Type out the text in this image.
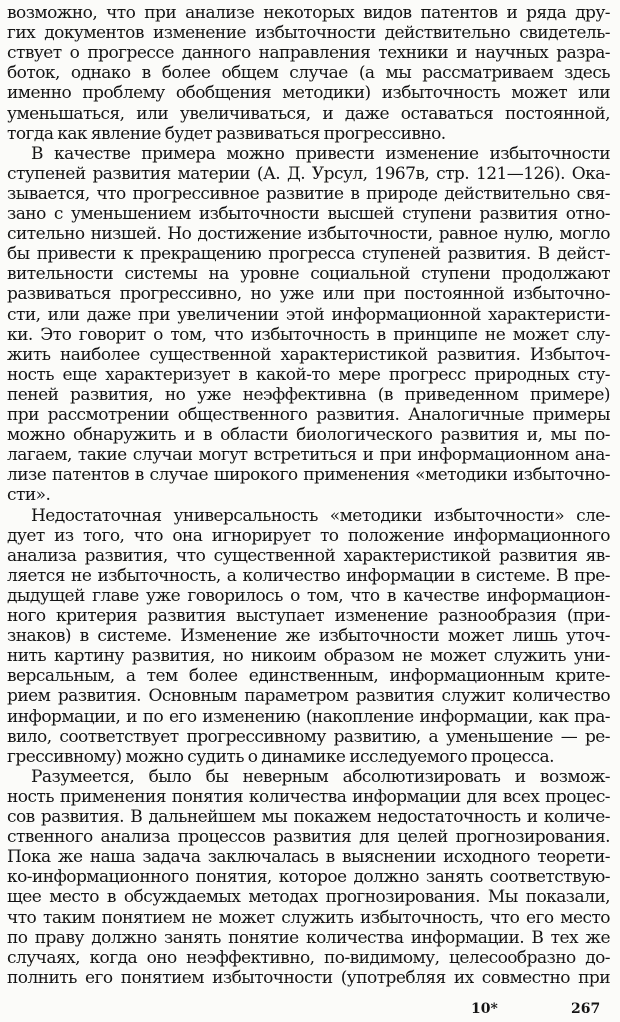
возможно, что при анализе некоторых видов патентов и ряда дру-
гих документов изменение избыточности действительно свидетель-
ствует о прогрессе данного направления техники и научных разра-
боток, однако в более общем случае (а мы рассматриваем здесь
именно проблему обобщения методики) избыточность может или
уменьшаться, или увеличиваться, и даже оставаться постоянной,
тогда как явление будет развиваться прогрессивно.
В качестве примера можно привести изменение избыточности
ступеней развития материи (А. Д. Урсул, 1967в, стр. 121—126). Ока-
зывается, что прогрессивное развитие в природе действительно свя-
зано с уменьшением избыточности высшей ступени развития отно-
сительно низшей. Но достижение избыточности, равное нулю, могло
бы привести к прекращению прогресса ступеней развития. В дейст-
вительности системы на уровне социальной ступени продолжают
развиваться прогрессивно, но уже или при постоянной избыточно-
сти, или даже при увеличении этой информационной характеристи-
ки. Это говорит о том, что избыточность в принципе не может слу-
жить наиболее существенной характеристикой развития. Избыточ-
ность еще характеризует в какой-то мере прогресс природных сту-
пеней развития, но уже неэффективна (в приведенном примере)
при рассмотрении общественного развития. Аналогичные примеры
можно обнаружить и в области биологического развития и, мы по-
лагаем, такие случаи могут встретиться и при информационном ана-
лизе патентов в случае широкого применения «методики избыточно-
сти».
Недостаточная универсальность «методики избыточности» сле-
дует из того, что она игнорирует то положение информационного
анализа развития, что существенной характеристикой развития яв-
ляется не избыточность, а количество информации в системе. В пре-
дыдущей главе уже говорилось о том, что в качестве информацион-
ного критерия развития выступает изменение разнообразия (при-
знаков) в системе. Изменение же избыточности может лишь уточ-
нить картину развития, но никоим образом не может служить уни-
версальным, а тем более единственным, информационным крите-
рием развития. Основным параметром развития служит количество
информации, и по его изменению (накопление информации, как пра-
вило, соответствует прогрессивному развитию, а уменьшение — ре-
грессивному) можно судить о динамике исследуемого процесса.
Разумеется, было бы неверным абсолютизировать и возмож-
ность применения понятия количества информации для всех процес-
сов развития. В дальнейшем мы покажем недостаточность и количе-
ственного анализа процессов развития для целей прогнозирования.
Пока же наша задача заключалась в выяснении исходного теорети-
ко-информационного понятия, которое должно занять соответствую-
щее место в обсуждаемых методах прогнозирования. Мы показали,
что таким понятием не может служить избыточность, что его место
по праву должно занять понятие количества информации. В тех же
случаях, когда оно неэффективно, по-видимому, целесообразно до-
полнить его понятием избыточности (употребляя их совместно при
10*	267
